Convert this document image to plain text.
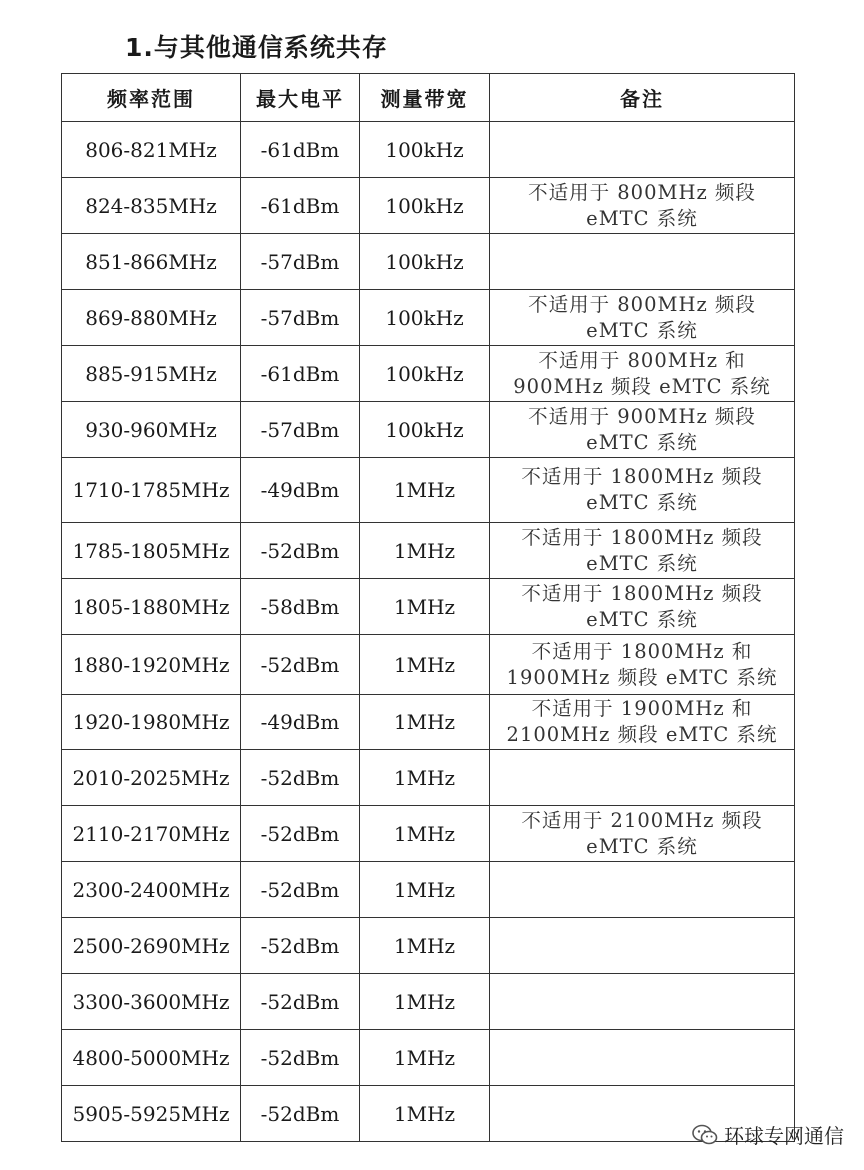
1.与其他通信系统共存
频率范围	最大电平	测量带宽	备注
806-821MHz	-61dBm	100kHz	
824-835MHz	-61dBm	100kHz	不适用于 800MHz 频段 eMTC 系统
851-866MHz	-57dBm	100kHz	
869-880MHz	-57dBm	100kHz	不适用于 800MHz 频段 eMTC 系统
885-915MHz	-61dBm	100kHz	不适用于 800MHz 和 900MHz 频段 eMTC 系统
930-960MHz	-57dBm	100kHz	不适用于 900MHz 频段 eMTC 系统
1710-1785MHz	-49dBm	1MHz	不适用于 1800MHz 频段 eMTC 系统
1785-1805MHz	-52dBm	1MHz	不适用于 1800MHz 频段 eMTC 系统
1805-1880MHz	-58dBm	1MHz	不适用于 1800MHz 频段 eMTC 系统
1880-1920MHz	-52dBm	1MHz	不适用于 1800MHz 和 1900MHz 频段 eMTC 系统
1920-1980MHz	-49dBm	1MHz	不适用于 1900MHz 和 2100MHz 频段 eMTC 系统
2010-2025MHz	-52dBm	1MHz	
2110-2170MHz	-52dBm	1MHz	不适用于 2100MHz 频段 eMTC 系统
2300-2400MHz	-52dBm	1MHz	
2500-2690MHz	-52dBm	1MHz	
3300-3600MHz	-52dBm	1MHz	
4800-5000MHz	-52dBm	1MHz	
5905-5925MHz	-52dBm	1MHz	
环球专网通信
